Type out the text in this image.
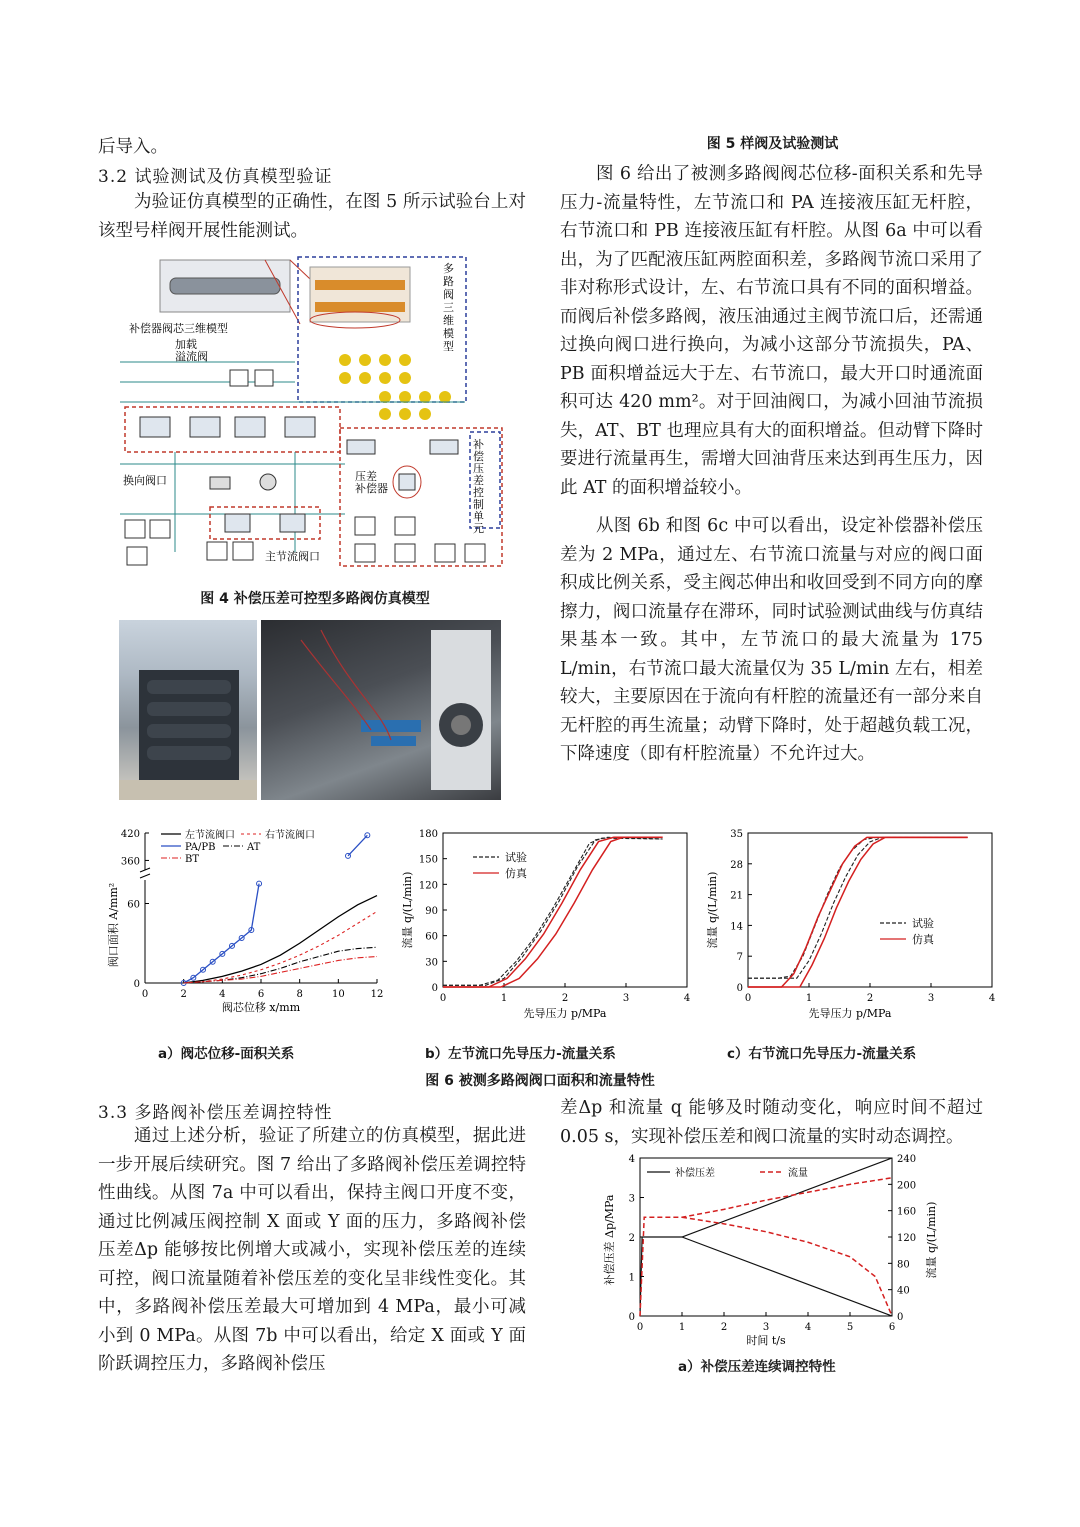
后导入。

3.2 试验测试及仿真模型验证

为验证仿真模型的正确性，在图 5 所示试验台上对该型号样阀开展性能测试。

补偿器阀芯三维模型
多路阀三维模型
加载溢流阀
换向阀口
主节流阀口
压差补偿器
补偿压差控制单元
图 4 补偿压差可控型多路阀仿真模型
图 5 样阀及试验测试

图 6 给出了被测多路阀阀芯位移-面积关系和先导压力-流量特性，左节流口和 PA 连接液压缸无杆腔，右节流口和 PB 连接液压缸有杆腔。从图 6a 中可以看出，为了匹配液压缸两腔面积差，多路阀节流口采用了非对称形式设计，左、右节流口具有不同的面积增益。而阀后补偿多路阀，液压油通过主阀节流口后，还需通过换向阀口进行换向，为减小这部分节流损失，PA、PB 面积增益远大于左、右节流口，最大开口时通流面积可达 420 mm²。对于回油阀口，为减小回油节流损失，AT、BT 也理应具有大的面积增益。但动臂下降时要进行流量再生，需增大回油背压来达到再生压力，因此 AT 的面积增益较小。

从图 6b 和图 6c 中可以看出，设定补偿器补偿压差为 2 MPa，通过左、右节流口流量与对应的阀口面积成比例关系，受主阀芯伸出和收回受到不同方向的摩擦力，阀口流量存在滞环，同时试验测试曲线与仿真结果基本一致。其中，左节流口的最大流量为 175 L/min，右节流口最大流量仅为 35 L/min 左右，相差较大，主要原因在于流向有杆腔的流量还有一部分来自无杆腔的再生流量；动臂下降时，处于超越负载工况，下降速度（即有杆腔流量）不允许过大。

0	2	4	6	8	10	12
0
60
360
420
阀芯位移 x/mm
阀口面积 A/mm²
左节流阀口	右节流阀口
PA/PB	AT
BT
0	1	2	3	4
0
30
60
90
120
150
180
先导压力 p/MPa
流量 q/(L/min)
试验
仿真
0	1	2	3	4
0
7
14
21
28
35
先导压力 p/MPa
流量 q/(L/min)	试验
仿真
a）阀芯位移-面积关系	b）左节流口先导压力-流量关系	c）右节流口先导压力-流量关系
图 6 被测多路阀阀口面积和流量特性
3.3 多路阀补偿压差调控特性

通过上述分析，验证了所建立的仿真模型，据此进一步开展后续研究。图 7 给出了多路阀补偿压差调控特性曲线。从图 7a 中可以看出，保持主阀口开度不变，通过比例减压阀控制 X 面或 Y 面的压力，多路阀补偿压差Δp 能够按比例增大或减小，实现补偿压差的连续可控，阀口流量随着补偿压差的变化呈非线性变化。其中，多路阀补偿压差最大可增加到 4 MPa，最小可减小到 0 MPa。从图 7b 中可以看出，给定 X 面或 Y 面阶跃调控压力，多路阀补偿压

差Δp 和流量 q 能够及时随动变化，响应时间不超过 0.05 s，实现补偿压差和阀口流量的实时动态调控。

0	1	2	3	4	5	6
0
1
2
3
4
0
40
80
120
160
200
240
时间 t/s
补偿压差 Δp/MPa	流量 q/(L/min)
补偿压差	流量
a）补偿压差连续调控特性
